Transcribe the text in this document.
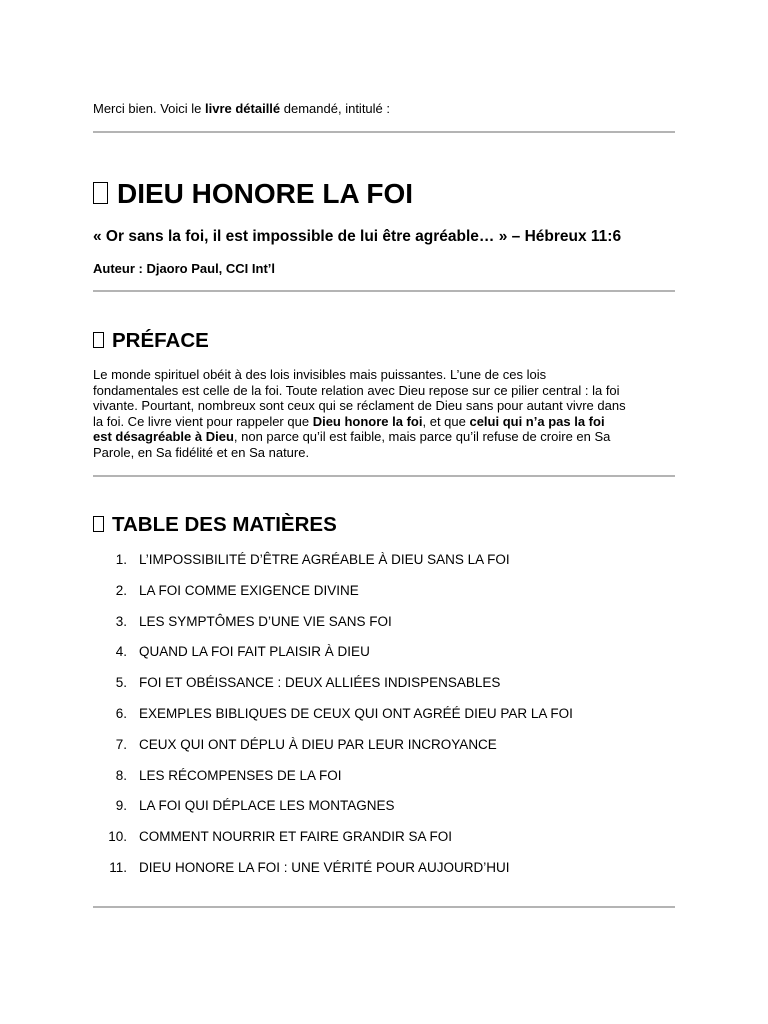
Merci bien. Voici le livre détaillé demandé, intitulé :
DIEU HONORE LA FOI
« Or sans la foi, il est impossible de lui être agréable… » – Hébreux 11:6
Auteur : Djaoro Paul, CCI Int’l
PRÉFACE

Le monde spirituel obéit à des lois invisibles mais puissantes. L’une de ces lois

fondamentales est celle de la foi. Toute relation avec Dieu repose sur ce pilier central : la foi

vivante. Pourtant, nombreux sont ceux qui se réclament de Dieu sans pour autant vivre dans

la foi. Ce livre vient pour rappeler que Dieu honore la foi, et que celui qui n’a pas la foi

est désagréable à Dieu, non parce qu’il est faible, mais parce qu’il refuse de croire en Sa

Parole, en Sa fidélité et en Sa nature.

TABLE DES MATIÈRES
1. L’IMPOSSIBILITÉ D’ÊTRE AGRÉABLE À DIEU SANS LA FOI
2. LA FOI COMME EXIGENCE DIVINE
3. LES SYMPTÔMES D’UNE VIE SANS FOI
4. QUAND LA FOI FAIT PLAISIR À DIEU
5. FOI ET OBÉISSANCE : DEUX ALLIÉES INDISPENSABLES
6. EXEMPLES BIBLIQUES DE CEUX QUI ONT AGRÉÉ DIEU PAR LA FOI
7. CEUX QUI ONT DÉPLU À DIEU PAR LEUR INCROYANCE
8. LES RÉCOMPENSES DE LA FOI
9. LA FOI QUI DÉPLACE LES MONTAGNES
10. COMMENT NOURRIR ET FAIRE GRANDIR SA FOI
11. DIEU HONORE LA FOI : UNE VÉRITÉ POUR AUJOURD’HUI
